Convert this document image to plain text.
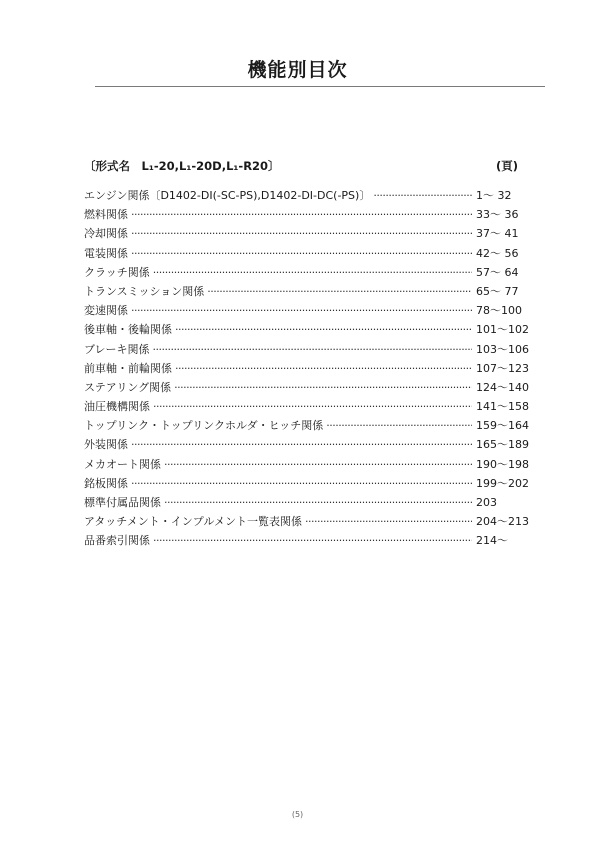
機能別目次
〔形式名　L₁-20,L₁-20D,L₁-R20〕	(頁)
エンジン関係〔D1402-DI(-SC-PS),D1402-DI-DC(-PS)〕 ·····	1～ 32
燃料関係 ·····	33～ 36
冷却関係 ·····	37～ 41
電装関係 ·····	42～ 56
クラッチ関係 ·····	57～ 64
トランスミッション関係 ·····	65～ 77
変速関係 ·····	78～100
後車軸・後輪関係 ·····	101～102
ブレーキ関係 ·····	103～106
前車軸・前輪関係 ·····	107～123
ステアリング関係 ·····	124～140
油圧機構関係 ·····	141～158
トップリンク・トップリンクホルダ・ヒッチ関係 ·····	159～164
外装関係 ·····	165～189
メカオート関係 ·····	190～198
銘板関係 ·····	199～202
標準付属品関係 ·····	203
アタッチメント・インプルメント一覧表関係 ·····	204～213
品番索引関係 ·····	214～
(5)
